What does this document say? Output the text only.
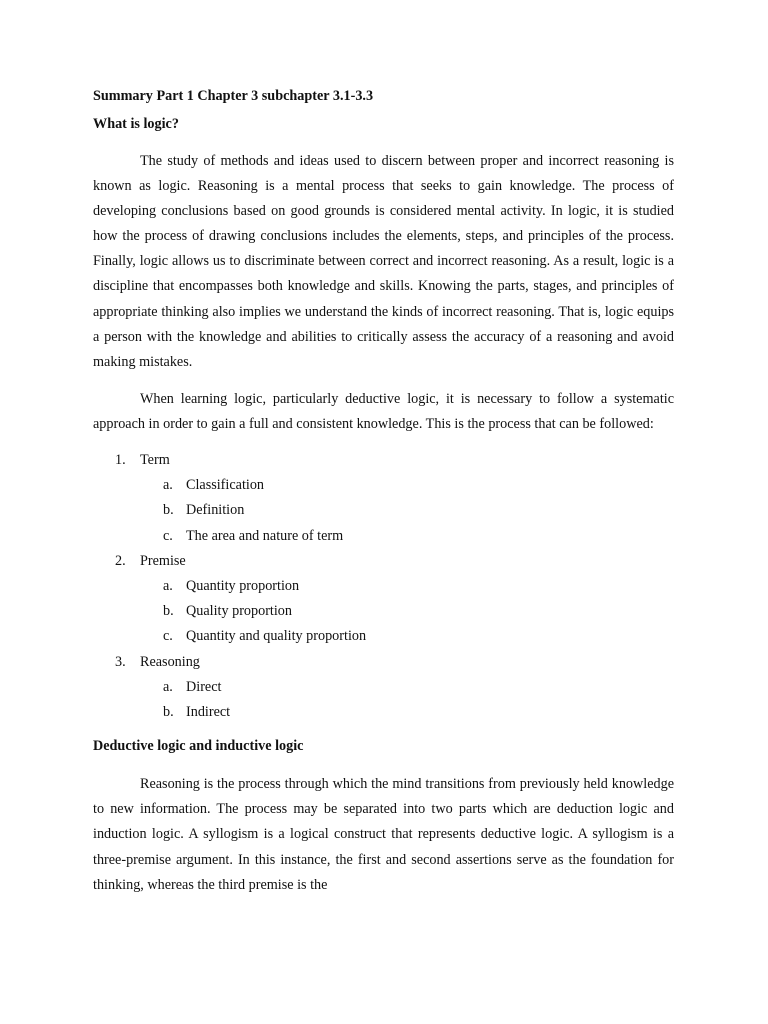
Summary Part 1 Chapter 3 subchapter 3.1-3.3

What is logic?

The study of methods and ideas used to discern between proper and incorrect reasoning is known as logic. Reasoning is a mental process that seeks to gain knowledge. The process of developing conclusions based on good grounds is considered mental activity. In logic, it is studied how the process of drawing conclusions includes the elements, steps, and principles of the process. Finally, logic allows us to discriminate between correct and incorrect reasoning. As a result, logic is a discipline that encompasses both knowledge and skills. Knowing the parts, stages, and principles of appropriate thinking also implies we understand the kinds of incorrect reasoning. That is, logic equips a person with the knowledge and abilities to critically assess the accuracy of a reasoning and avoid making mistakes.

When learning logic, particularly deductive logic, it is necessary to follow a systematic approach in order to gain a full and consistent knowledge. This is the process that can be followed:

1. Term
a. Classification
b. Definition
c. The area and nature of term
2. Premise
a. Quantity proportion
b. Quality proportion
c. Quantity and quality proportion
3. Reasoning
a. Direct
b. Indirect

Deductive logic and inductive logic

Reasoning is the process through which the mind transitions from previously held knowledge to new information. The process may be separated into two parts which are deduction logic and induction logic. A syllogism is a logical construct that represents deductive logic. A syllogism is a three-premise argument. In this instance, the first and second assertions serve as the foundation for thinking, whereas the third premise is the
